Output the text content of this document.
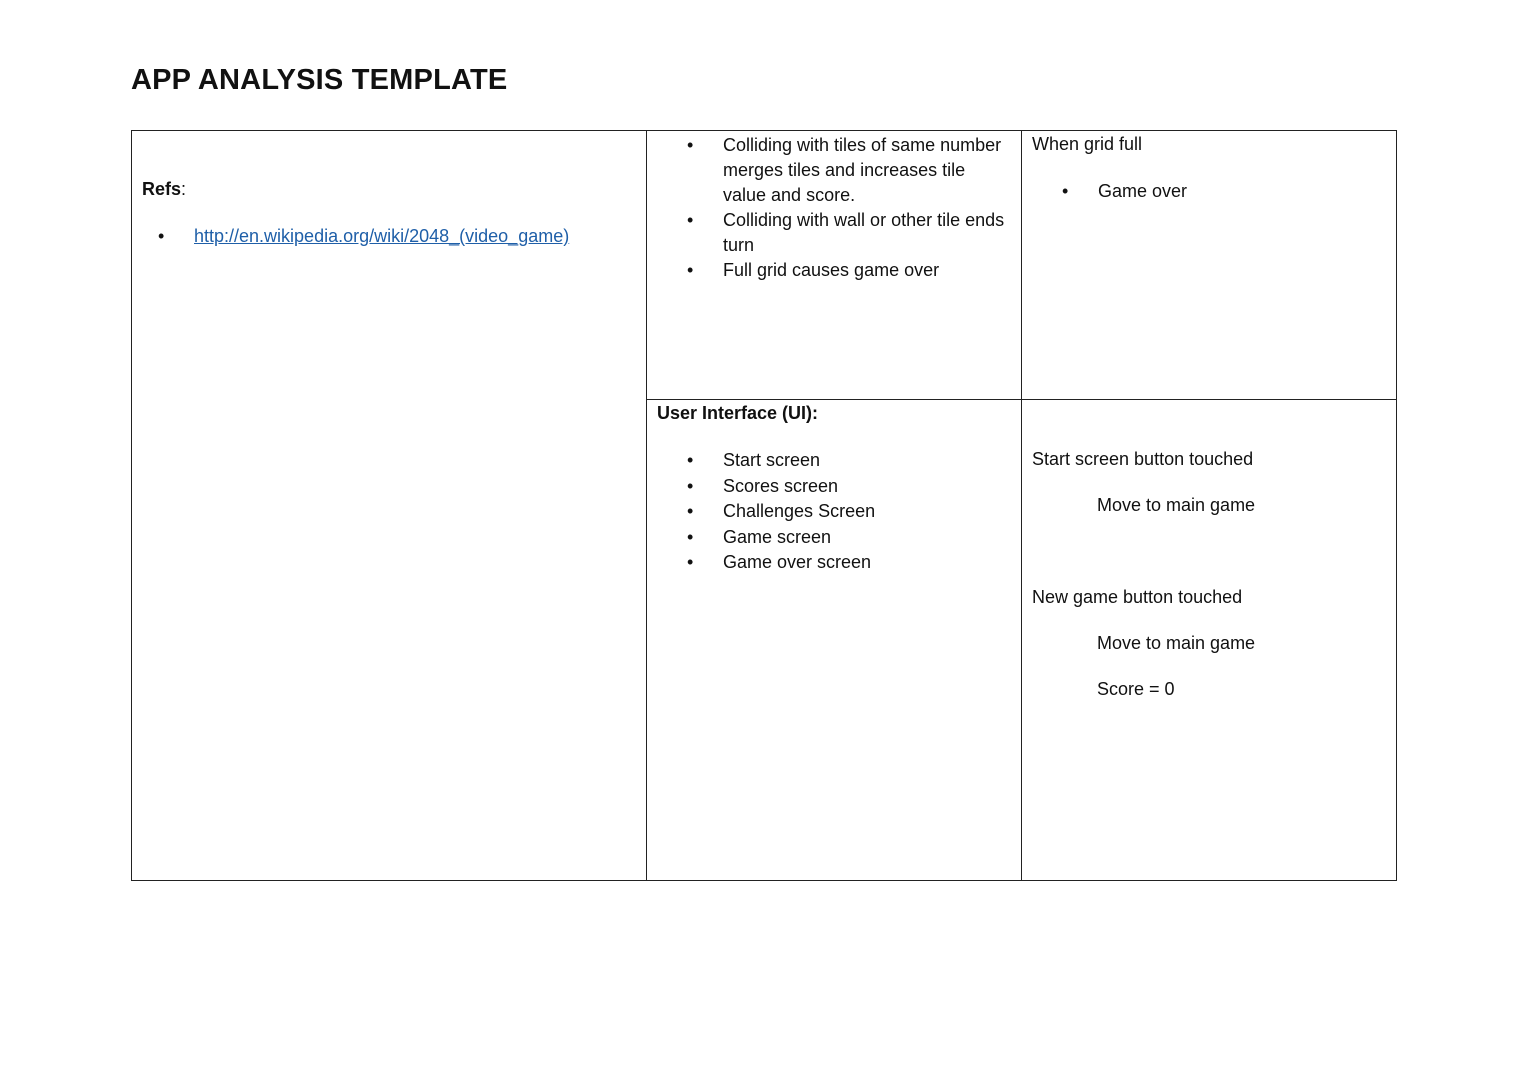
APP ANALYSIS TEMPLATE
Refs:
• http://en.wikipedia.org/wiki/2048_(video_game)
• Colliding with tiles of same number merges tiles and increases tile value and score.
• Colliding with wall or other tile ends turn
• Full grid causes game over
When grid full
• Game over
User Interface (UI):
• Start screen
• Scores screen
• Challenges Screen
• Game screen
• Game over screen
Start screen button touched
Move to main game
New game button touched
Move to main game
Score = 0
